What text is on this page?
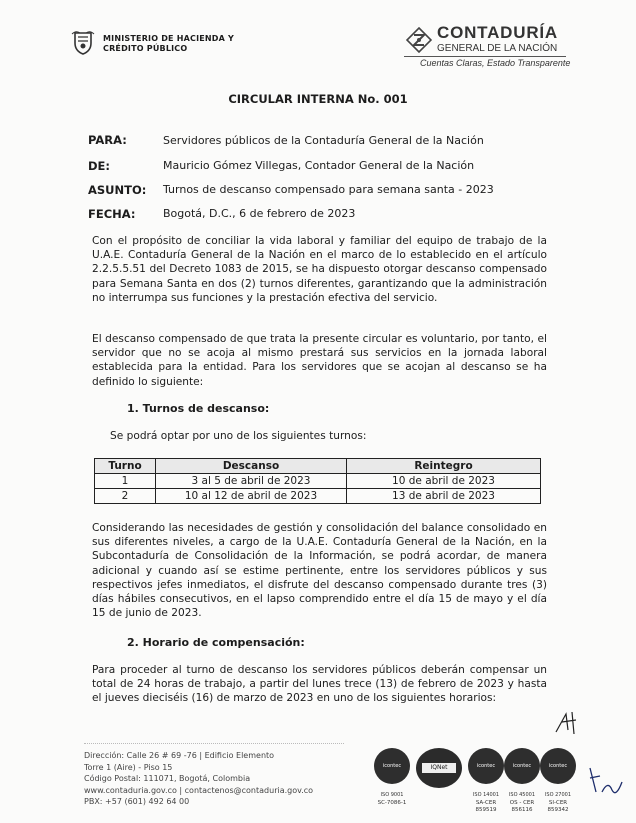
MINISTERIO DE HACIENDA Y
CRÉDITO PÚBLICO
CONTADURÍA
GENERAL DE LA NACIÓN
Cuentas Claras, Estado Transparente
CIRCULAR INTERNA No. 001
PARA:	Servidores públicos de la Contaduría General de la Nación
DE:	Mauricio Gómez Villegas, Contador General de la Nación
ASUNTO: Turnos de descanso compensado para semana santa - 2023
FECHA:	Bogotá, D.C., 6 de febrero de 2023
Con el propósito de conciliar la vida laboral y familiar del equipo de trabajo de la U.A.E. Contaduría General de la Nación en el marco de lo establecido en el artículo 2.2.5.5.51 del Decreto 1083 de 2015, se ha dispuesto otorgar descanso compensado para Semana Santa en dos (2) turnos diferentes, garantizando que la administración no interrumpa sus funciones y la prestación efectiva del servicio.
El descanso compensado de que trata la presente circular es voluntario, por tanto, el servidor que no se acoja al mismo prestará sus servicios en la jornada laboral establecida para la entidad. Para los servidores que se acojan al descanso se ha definido lo siguiente:
1. Turnos de descanso:
Se podrá optar por uno de los siguientes turnos:
Turno	Descanso	Reintegro
1	3 al 5 de abril de 2023	10 de abril de 2023
2	10 al 12 de abril de 2023	13 de abril de 2023
Considerando las necesidades de gestión y consolidación del balance consolidado en sus diferentes niveles, a cargo de la U.A.E. Contaduría General de la Nación, en la Subcontaduría de Consolidación de la Información, se podrá acordar, de manera adicional y cuando así se estime pertinente, entre los servidores públicos y sus respectivos jefes inmediatos, el disfrute del descanso compensado durante tres (3) días hábiles consecutivos, en el lapso comprendido entre el día 15 de mayo y el día 15 de junio de 2023.
2. Horario de compensación:
Para proceder al turno de descanso los servidores públicos deberán compensar un total de 24 horas de trabajo, a partir del lunes trece (13) de febrero de 2023 y hasta el jueves dieciséis (16) de marzo de 2023 en uno de los siguientes horarios:
Dirección: Calle 26 # 69 -76 | Edificio Elemento
Torre 1 (Aire) - Piso 15
Código Postal: 111071, Bogotá, Colombia
www.contaduria.gov.co | contactenos@contaduria.gov.co
PBX: +57 (601) 492 64 00
icontec
ISO 9001
SC-7086-1
IQNet	icontec
ISO 14001
SA-CER 859519
icontec
ISO 45001
OS - CER 856116
icontec
ISO 27001
SI-CER 859342
